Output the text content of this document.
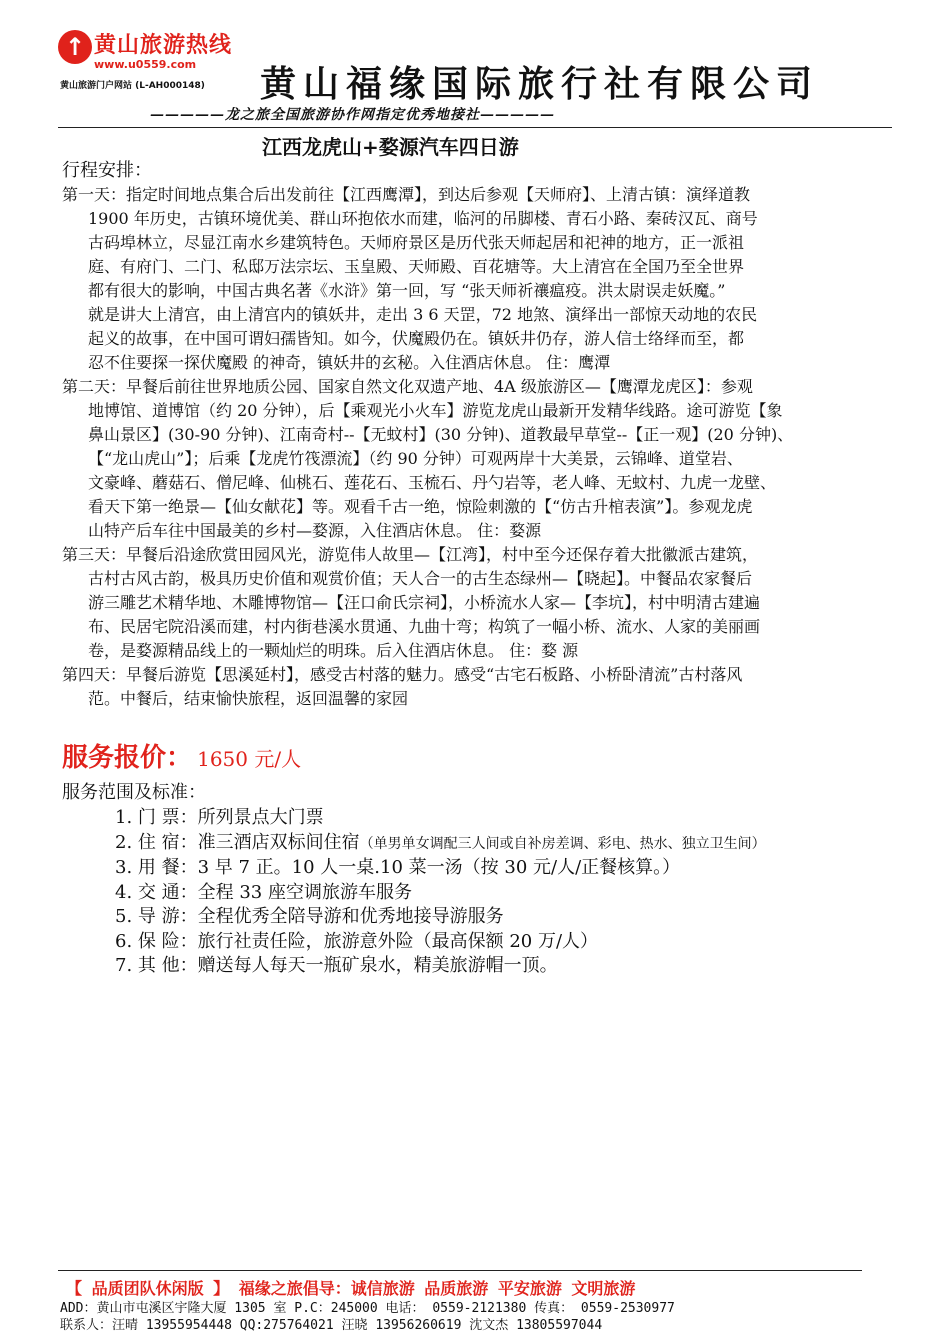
↑ 黄山旅游热线
www.u0559.com
黄山旅游门户网站 (L-AH000148) 黄山福缘国际旅行社有限公司
—————龙之旅全国旅游协作网指定优秀地接社—————
江西龙虎山+婺源汽车四日游
行程安排：
第一天：指定时间地点集合后出发前往【江西鹰潭】，到达后参观【天师府】、上清古镇：演绎道教
1900 年历史，古镇环境优美、群山环抱依水而建，临河的吊脚楼、青石小路、秦砖汉瓦、商号
古码埠林立，尽显江南水乡建筑特色。天师府景区是历代张天师起居和祀神的地方，正一派祖
庭、有府门、二门、私邸万法宗坛、玉皇殿、天师殿、百花塘等。大上清宫在全国乃至全世界
都有很大的影响，中国古典名著《水浒》第一回，写 “张天师祈禳瘟疫。洪太尉误走妖魔。”
就是讲大上清宫，由上清宫内的镇妖井，走出 3 6 天罡，72 地煞、演绎出一部惊天动地的农民
起义的故事，在中国可谓妇孺皆知。如今，伏魔殿仍在。镇妖井仍存，游人信士络绎而至，都
忍不住要探一探伏魔殿 的神奇，镇妖井的玄秘。入住酒店休息。 住：鹰潭
第二天：早餐后前往世界地质公园、国家自然文化双遗产地、4A 级旅游区—【鹰潭龙虎区】：参观
地博馆、道博馆（约 20 分钟），后【乘观光小火车】游览龙虎山最新开发精华线路。途可游览【象
鼻山景区】(30-90 分钟)、江南奇村--【无蚊村】(30 分钟)、道教最早草堂--【正一观】(20 分钟)、
【“龙山虎山”】；后乘【龙虎竹筏漂流】（约 90 分钟）可观两岸十大美景，云锦峰、道堂岩、
文豪峰、蘑菇石、僧尼峰、仙桃石、莲花石、玉梳石、丹勺岩等，老人峰、无蚊村、九虎一龙壁、
看天下第一绝景—【仙女献花】等。观看千古一绝，惊险刺激的【“仿古升棺表演”】。参观龙虎
山特产后车往中国最美的乡村—婺源，入住酒店休息。 住：婺源
第三天：早餐后沿途欣赏田园风光，游览伟人故里—【江湾】，村中至今还保存着大批徽派古建筑，
古村古风古韵，极具历史价值和观赏价值；天人合一的古生态绿州—【晓起】。中餐品农家餐后
游三雕艺术精华地、木雕博物馆—【汪口俞氏宗祠】，小桥流水人家—【李坑】，村中明清古建遍
布、民居宅院沿溪而建，村内街巷溪水贯通、九曲十弯；构筑了一幅小桥、流水、人家的美丽画
卷，是婺源精品线上的一颗灿烂的明珠。后入住酒店休息。 住：婺 源
第四天：早餐后游览【思溪延村】，感受古村落的魅力。感受“古宅石板路、小桥卧清流”古村落风
范。中餐后，结束愉快旅程，返回温馨的家园
服务报价： 1650 元/人
服务范围及标准：
1. 门 票：所列景点大门票
2. 住 宿：准三酒店双标间住宿（单男单女调配三人间或自补房差调、彩电、热水、独立卫生间）
3. 用 餐：3 早 7 正。10 人一桌.10 菜一汤（按 30 元/人/正餐核算。）
4. 交 通：全程 33 座空调旅游车服务
5. 导 游：全程优秀全陪导游和优秀地接导游服务
6. 保 险：旅行社责任险，旅游意外险（最高保额 20 万/人）
7. 其 他：赠送每人每天一瓶矿泉水，精美旅游帽一顶。
【 品质团队休闲版 】 福缘之旅倡导：诚信旅游 品质旅游 平安旅游 文明旅游
ADD：黄山市屯溪区宇隆大厦 1305 室 P.C：245000 电话： 0559-2121380 传真： 0559-2530977
联系人：汪晴 13955954448 QQ:275764021 汪晓 13956260619 沈文杰 13805597044
